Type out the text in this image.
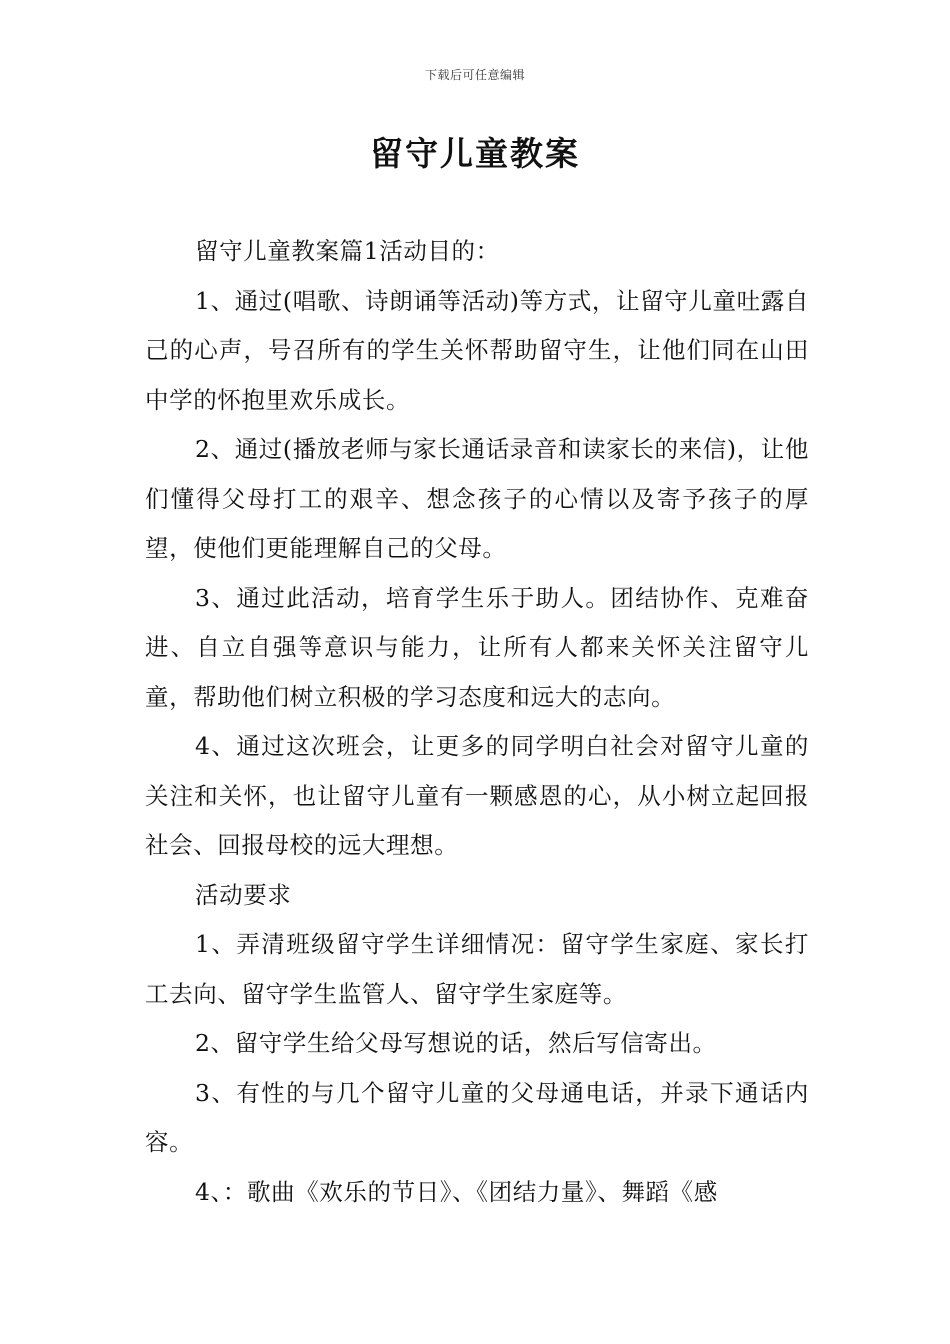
下载后可任意编辑
留守儿童教案

留守儿童教案篇1活动目的：

1、通过(唱歌、诗朗诵等活动)等方式，让留守儿童吐露自己的心声，号召所有的学生关怀帮助留守生，让他们同在山田中学的怀抱里欢乐成长。

2、通过(播放老师与家长通话录音和读家长的来信)，让他们懂得父母打工的艰辛、想念孩子的心情以及寄予孩子的厚望，使他们更能理解自己的父母。

3、通过此活动，培育学生乐于助人。团结协作、克难奋进、自立自强等意识与能力，让所有人都来关怀关注留守儿童，帮助他们树立积极的学习态度和远大的志向。

4、通过这次班会，让更多的同学明白社会对留守儿童的关注和关怀，也让留守儿童有一颗感恩的心，从小树立起回报社会、回报母校的远大理想。

活动要求

1、弄清班级留守学生详细情况：留守学生家庭、家长打工去向、留守学生监管人、留守学生家庭等。

2、留守学生给父母写想说的话，然后写信寄出。

3、有性的与几个留守儿童的父母通电话，并录下通话内容。

4、：歌曲《欢乐的节日》、《团结力量》、舞蹈《感
